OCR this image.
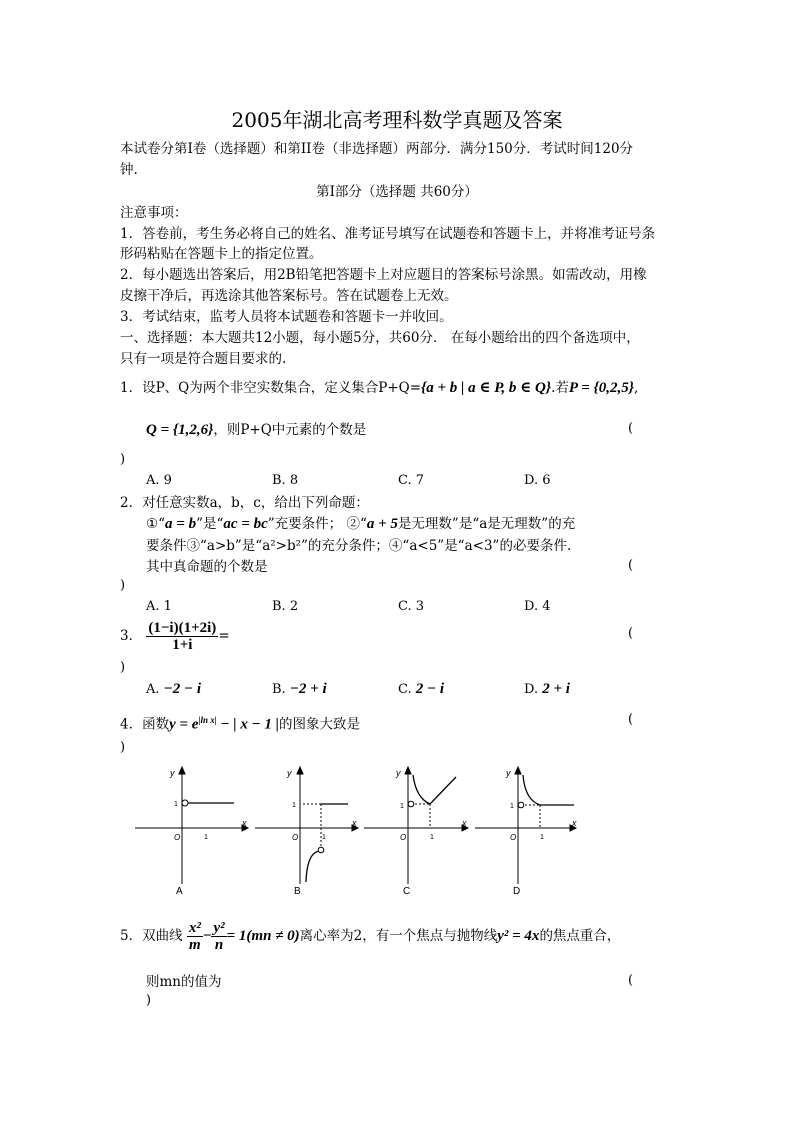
2005年湖北高考理科数学真题及答案
本试卷分第Ⅰ卷（选择题）和第II卷（非选择题）两部分．满分150分．考试时间120分
钟.
第Ⅰ部分（选择题 共60分）
注意事项：
1．答卷前，考生务必将自己的姓名、准考证号填写在试题卷和答题卡上，并将准考证号条
形码粘贴在答题卡上的指定位置。
2．每小题选出答案后，用2B铅笔把答题卡上对应题目的答案标号涂黑。如需改动，用橡
皮擦干净后，再选涂其他答案标号。答在试题卷上无效。
3．考试结束，监考人员将本试题卷和答题卡一并收回。
一、选择题：本大题共12小题，每小题5分，共60分． 在每小题给出的四个备选项中，
只有一项是符合题目要求的.
1．设P、Q为两个非空实数集合，定义集合P+Q={a + b | a ∈ P, b ∈ Q}.若P = {0,2,5},
Q = {1,2,6}，则P+Q中元素的个数是	(
)
A. 9	B. 8	C. 7	D. 6
2．对任意实数a，b，c，给出下列命题：
①“a = b”是“ac = bc”充要条件； ②“a + 5是无理数”是“a是无理数”的充
要条件③“a>b”是“a²>b²”的充分条件；④“a<5”是“a<3”的必要条件.
其中真命题的个数是	(
)
A. 1	B. 2	C. 3	D. 4
3． $\frac{(1-i)(1+2i)}{1+i}$ =	(
)
A. −2 − i	B. −2 + i	C. 2 − i	D. 2 + i
4．函数$y = e^{|ln x|}$ − | x − 1 |的图象大致是	(
)
y
x
O
1
1
A
y
x
O
1
1
B
y
x
O
1
1
C
y
x
O
1
1
D
5．双曲线 $\frac{\text{x²}}{m} - \frac{\text{y²}}{n} = 1(mn \ne 0)$离心率为2，有一个焦点与抛物线y² = 4x的焦点重合，
则mn的值为	(
)
